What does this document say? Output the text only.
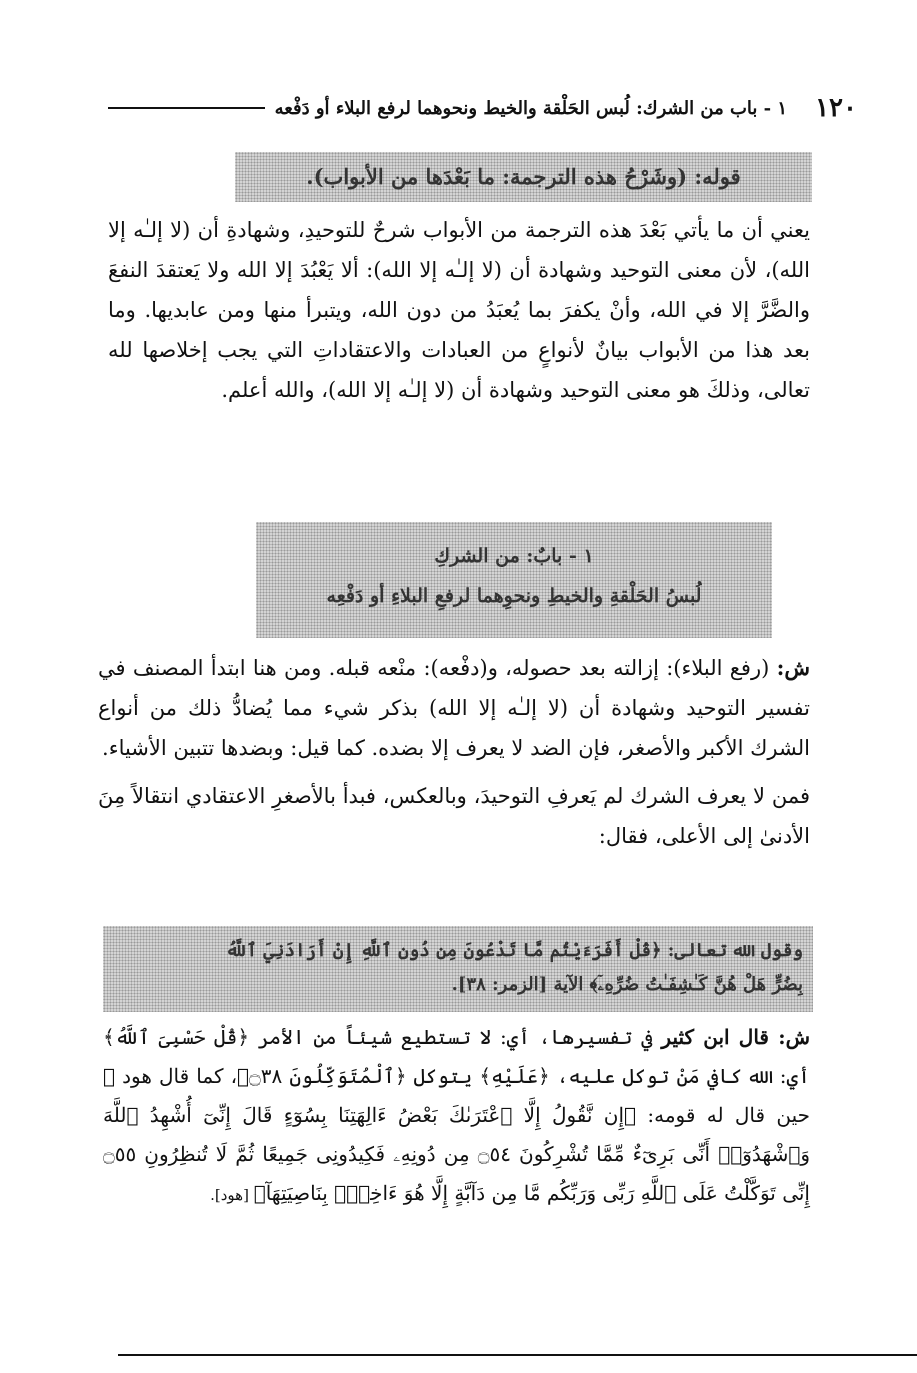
١٢٠
١ - باب من الشرك: لُبس الحَلْقة والخيط ونحوهما لرفع البلاء أو دَفْعه
قوله: (وشَرْحُ هذه الترجمة: ما بَعْدَها من الأبواب).

يعني أن ما يأتي بَعْدَ هذه الترجمة من الأبواب شرحٌ للتوحيدِ، وشهادةِ أن (لا إلـٰه إلا الله)، لأن معنى التوحيد وشهادة أن (لا إلـٰه إلا الله): ألا يَعْبُدَ إلا الله ولا يَعتقدَ النفعَ والضَّرَّ إلا في الله، وأنْ يكفرَ بما يُعبَدُ من دون الله، ويتبرأ منها ومن عابديها. وما بعد هذا من الأبواب بيانٌ لأنواعٍ من العبادات والاعتقاداتِ التي يجب إخلاصها لله تعالى، وذلكَ هو معنى التوحيد وشهادة أن (لا إلـٰه إلا الله)، والله أعلم.

١ - بابٌ: من الشركِ
لُبسُ الحَلْقةِ والخيطِ ونحوِهما لرفعِ البلاءِ أو دَفْعِه

ش: (رفع البلاء): إزالته بعد حصوله، و(دفْعه): منْعه قبله. ومن هنا ابتدأ المصنف في تفسير التوحيد وشهادة أن (لا إلـٰه إلا الله) بذكر شيء مما يُضادُّ ذلك من أنواع الشرك الأكبر والأصغر، فإن الضد لا يعرف إلا بضده. كما قيل: وبضدها تتبين الأشياء.

فمن لا يعرف الشرك لم يَعرفِ التوحيدَ، وبالعكس، فبدأ بالأصغرِ الاعتقادي انتقالاً مِنَ الأدنىٰ إلى الأعلى، فقال:

وقول الله تعالى: ﴿قُلْ أَفَرَءَيْتُم مَّا تَدْعُونَ مِن دُونِ ٱللَّهِ إِنْ أَرَادَنِيَ ٱللَّهُ
بِضُرٍّ هَلْ هُنَّ كَـٰشِفَـٰتُ ضُرِّهِۦٓ﴾ الآية [الزمر: ٣٨].

ش: قال ابن كثير في تفسيرها، أي: لا تستطيع شيئاً من الأمر ﴿قُلْ حَسْبِىَ ٱللَّهُ﴾ أي: الله كافي مَنْ توكل عليه، ﴿عَلَيْهِ﴾ يتوكل ﴿ٱلْمُتَوَكِّلُونَ ۝٣٨﴾، كما قال هود ﷺ حين قال له قومه: ﴿إِن نَّقُولُ إِلَّا ٱعْتَرَىٰكَ بَعْضُ ءَالِهَتِنَا بِسُوٓءٍ قَالَ إِنِّىٓ أُشْهِدُ ٱللَّهَ وَٱشْهَدُوٓا۟ أَنِّى بَرِىٓءٌ مِّمَّا تُشْرِكُونَ ۝٥٤ مِن دُونِهِۦ فَكِيدُونِى جَمِيعًا ثُمَّ لَا تُنظِرُونِ ۝٥٥ إِنِّى تَوَكَّلْتُ عَلَى ٱللَّهِ رَبِّى وَرَبِّكُم مَّا مِن دَآبَّةٍ إِلَّا هُوَ ءَاخِذٌۢ بِنَاصِيَتِهَآ﴾ [هود].
